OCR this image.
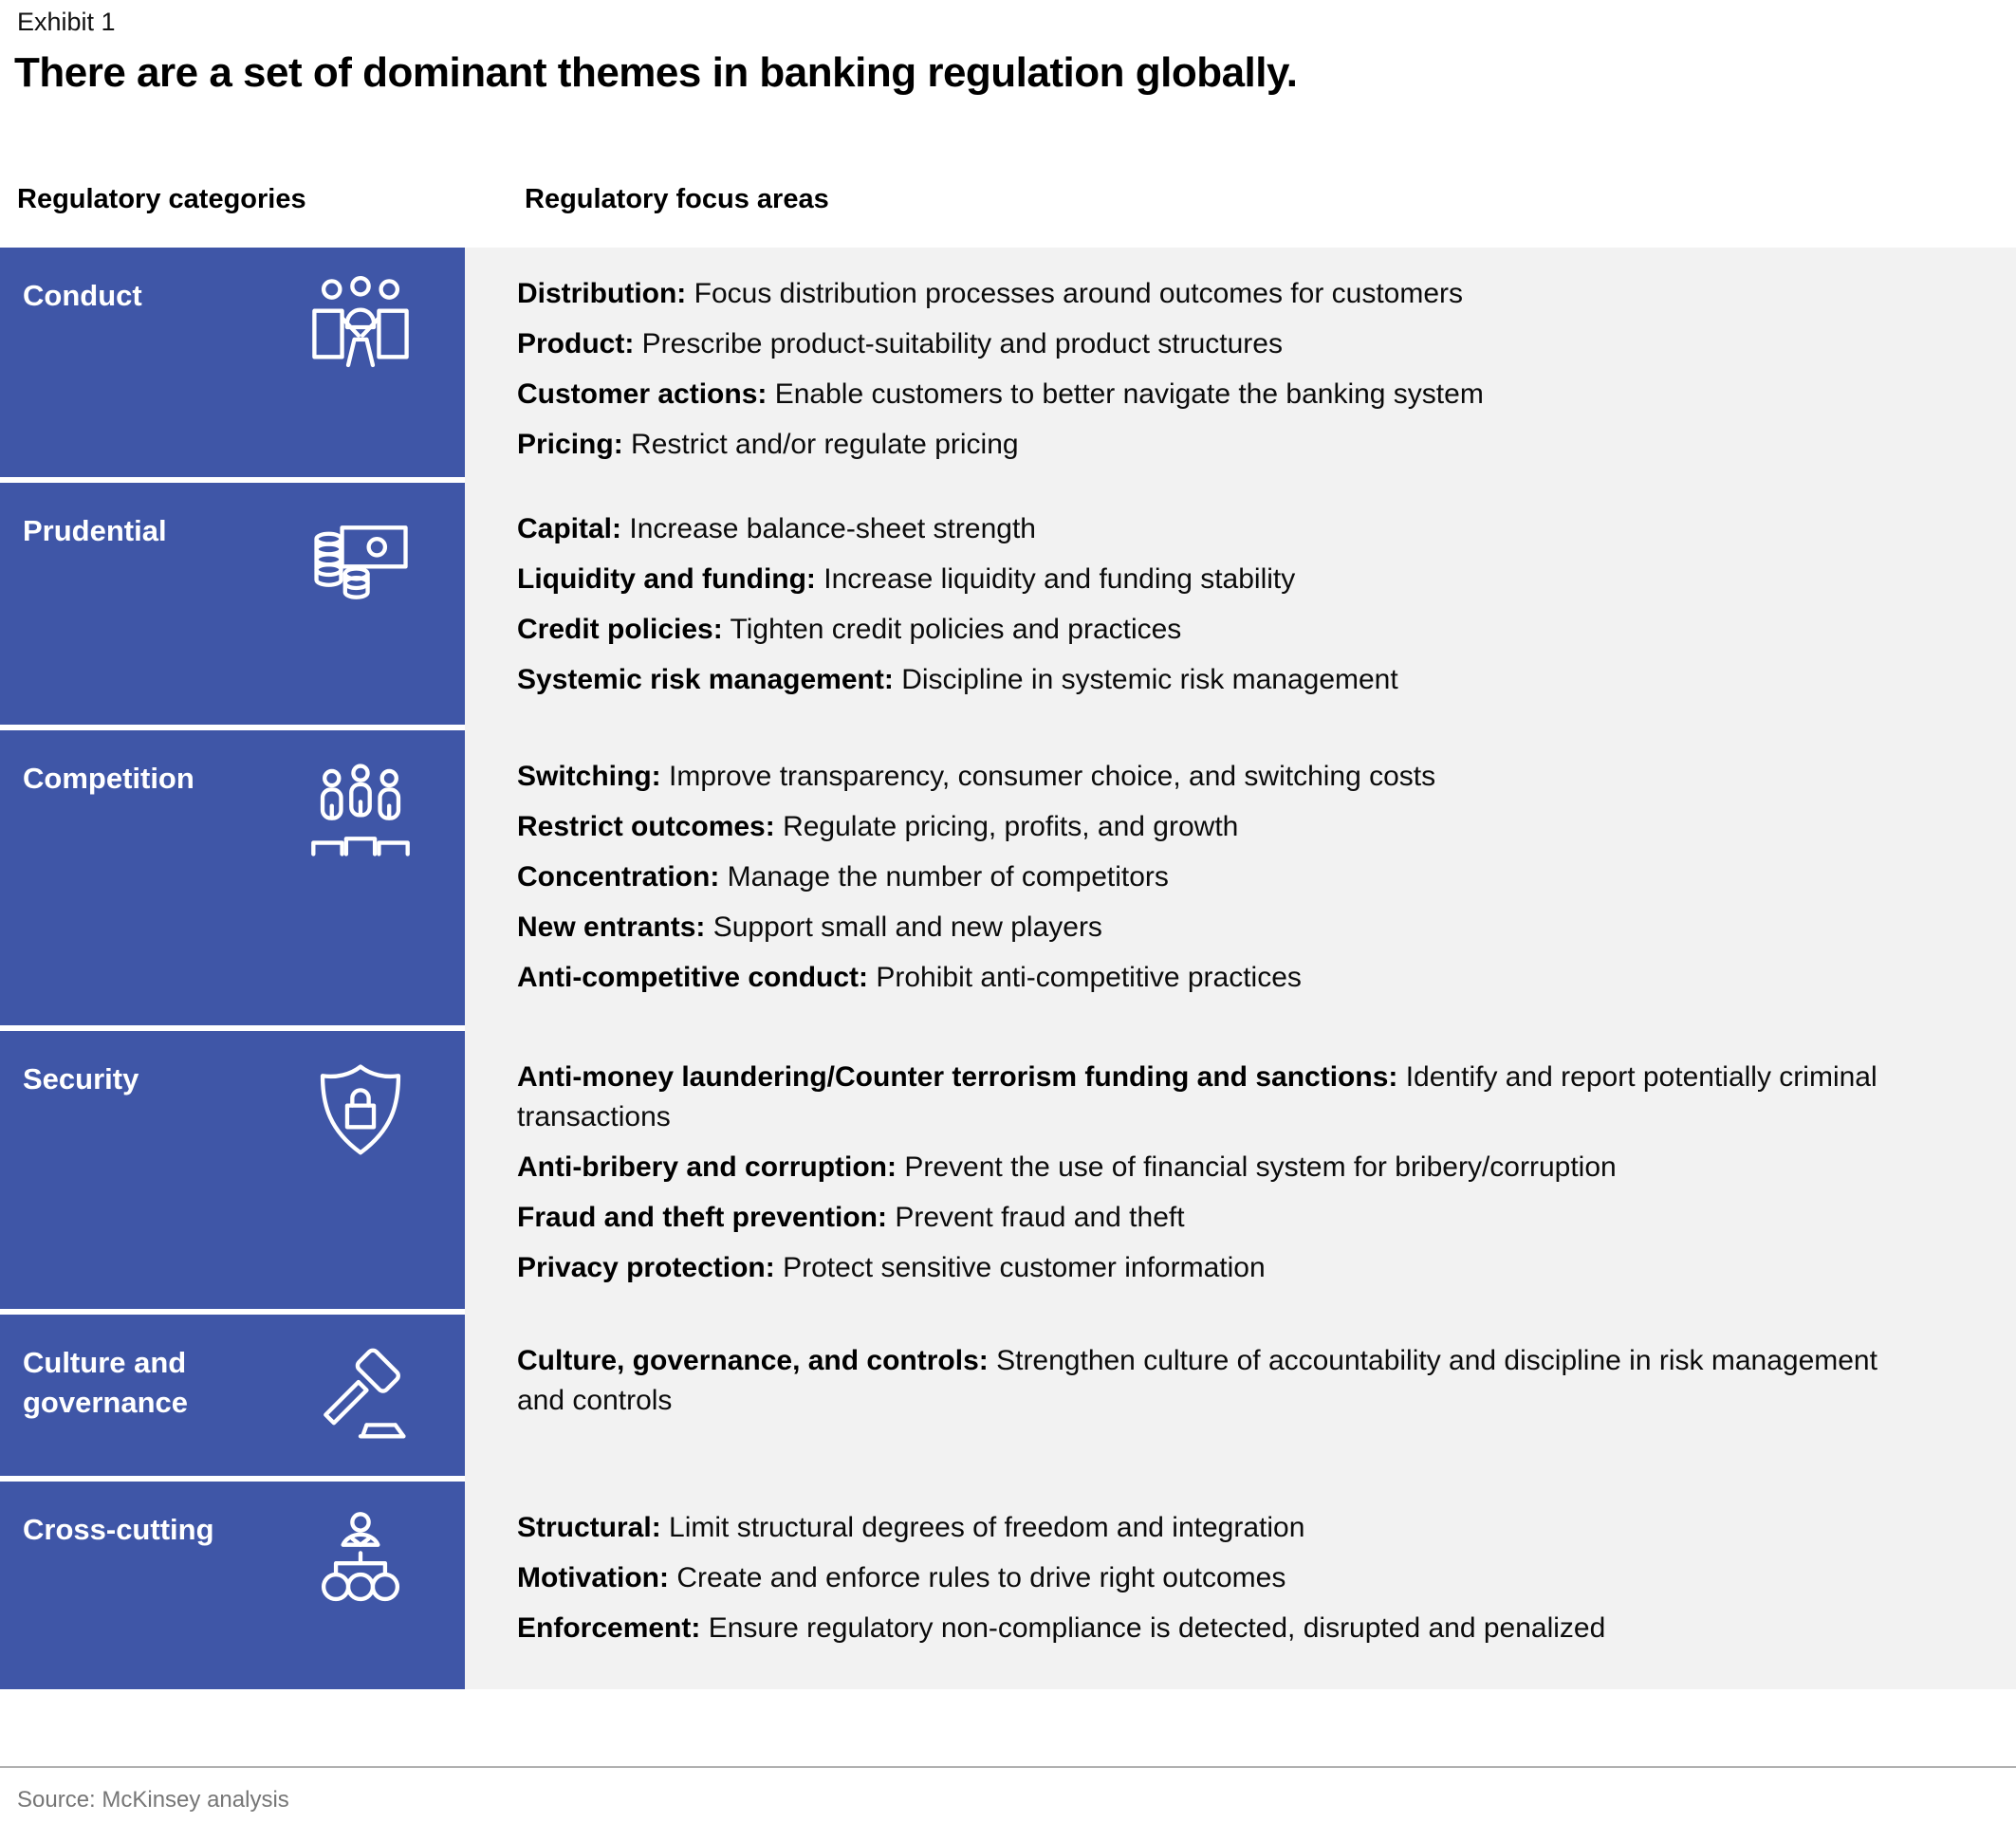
Exhibit 1
There are a set of dominant themes in banking regulation globally.
Regulatory categories	Regulatory focus areas
Conduct
Prudential
Competition
Security
Culture and governance
Cross-cutting

Distribution: Focus distribution processes around outcomes for customers

Product: Prescribe product-suitability and product structures

Customer actions: Enable customers to better navigate the banking system

Pricing: Restrict and/or regulate pricing

Capital: Increase balance-sheet strength

Liquidity and funding: Increase liquidity and funding stability

Credit policies: Tighten credit policies and practices

Systemic risk management: Discipline in systemic risk management

Switching: Improve transparency, consumer choice, and switching costs

Restrict outcomes: Regulate pricing, profits, and growth

Concentration: Manage the number of competitors

New entrants: Support small and new players

Anti-competitive conduct: Prohibit anti-competitive practices

Anti-money laundering/Counter terrorism funding and sanctions: Identify and report potentially criminal transactions

Anti-bribery and corruption: Prevent the use of financial system for bribery/corruption

Fraud and theft prevention: Prevent fraud and theft

Privacy protection: Protect sensitive customer information

Culture, governance, and controls: Strengthen culture of accountability and discipline in risk management and controls

Structural: Limit structural degrees of freedom and integration

Motivation: Create and enforce rules to drive right outcomes

Enforcement: Ensure regulatory non-compliance is detected, disrupted and penalized

Source: McKinsey analysis
